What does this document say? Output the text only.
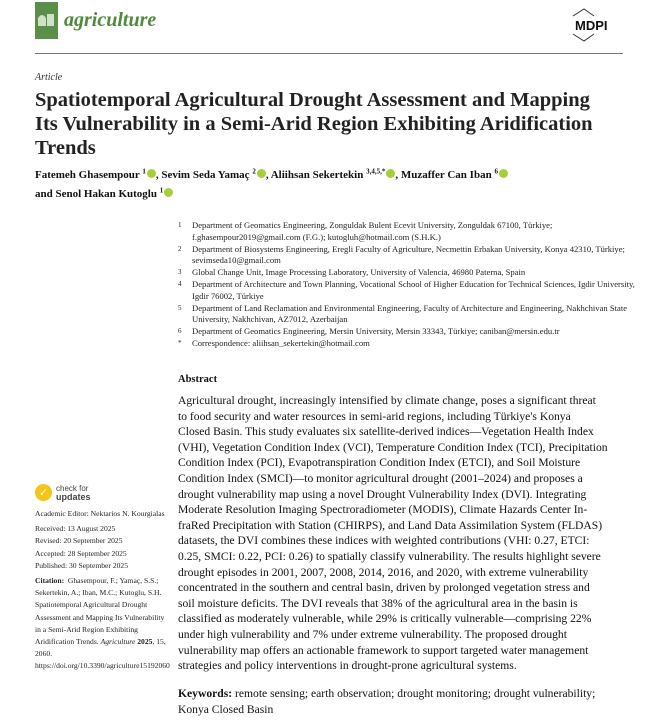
agriculture	MDPI
Article
Spatiotemporal Agricultural Drought Assessment and Mapping Its Vulnerability in a Semi-Arid Region Exhibiting Aridification Trends
Fatemeh Ghasempour $^1$ , Sevim Seda Yamaç $^2$ , Aliihsan Sekertekin $^{3,4,5,*}$ , Muzaffer Can Iban $^6$
and Senol Hakan Kutoglu $^1$
1	Department of Geomatics Engineering, Zonguldak Bulent Ecevit University, Zonguldak 67100, Türkiye; f.ghasempour2019@gmail.com (F.G.); kutogluh@hotmail.com (S.H.K.)
2	Department of Biosystems Engineering, Eregli Faculty of Agriculture, Necmettin Erbakan University, Konya 42310, Türkiye; sevimseda10@gmail.com
3	Global Change Unit, Image Processing Laboratory, University of Valencia, 46980 Paterna, Spain
4	Department of Architecture and Town Planning, Vocational School of Higher Education for Technical Sciences, Igdir University, Igdir 76002, Türkiye
5	Department of Land Reclamation and Environmental Engineering, Faculty of Architecture and Engineering, Nakhchivan State University, Nakhchivan, AZ7012, Azerbaijan
6	Department of Geomatics Engineering, Mersin University, Mersin 33343, Türkiye; caniban@mersin.edu.tr
*	Correspondence: aliihsan_sekertekin@hotmail.com
Abstract
Agricultural drought, increasingly intensified by climate change, poses a significant threat
to food security and water resources in semi-arid regions, including Türkiye's Konya
Closed Basin. This study evaluates six satellite-derived indices—Vegetation Health Index
(VHI), Vegetation Condition Index (VCI), Temperature Condition Index (TCI), Precipitation
Condition Index (PCI), Evapotranspiration Condition Index (ETCI), and Soil Moisture
Condition Index (SMCI)—to monitor agricultural drought (2001–2024) and proposes a
drought vulnerability map using a novel Drought Vulnerability Index (DVI). Integrating
Moderate Resolution Imaging Spectroradiometer (MODIS), Climate Hazards Center In-
fraRed Precipitation with Station (CHIRPS), and Land Data Assimilation System (FLDAS)
datasets, the DVI combines these indices with weighted contributions (VHI: 0.27, ETCI:
0.25, SMCI: 0.22, PCI: 0.26) to spatially classify vulnerability. The results highlight severe
drought episodes in 2001, 2007, 2008, 2014, 2016, and 2020, with extreme vulnerability
concentrated in the southern and central basin, driven by prolonged vegetation stress and
soil moisture deficits. The DVI reveals that 38% of the agricultural area in the basin is
classified as moderately vulnerable, while 29% is critically vulnerable—comprising 22%
under high vulnerability and 7% under extreme vulnerability. The proposed drought
vulnerability map offers an actionable framework to support targeted water management
strategies and policy interventions in drought-prone agricultural systems.
Keywords: remote sensing; earth observation; drought monitoring; drought vulnerability; Konya Closed Basin
✓ check for
updates

Academic Editor: Nektarios N. Kourgialas

Received: 13 August 2025
Revised: 20 September 2025
Accepted: 28 September 2025

Published: 30 September 2025

Citation: Ghasempour, F.; Yamaç, S.S.; Sekertekin, A.; Iban, M.C.; Kutoglu, S.H. Spatiotemporal Agricultural Drought Assessment and Mapping Its Vulnerability in a Semi-Arid Region Exhibiting Aridification Trends. Agriculture 2025, 15, 2060. https://doi.org/10.3390/agriculture15192060
